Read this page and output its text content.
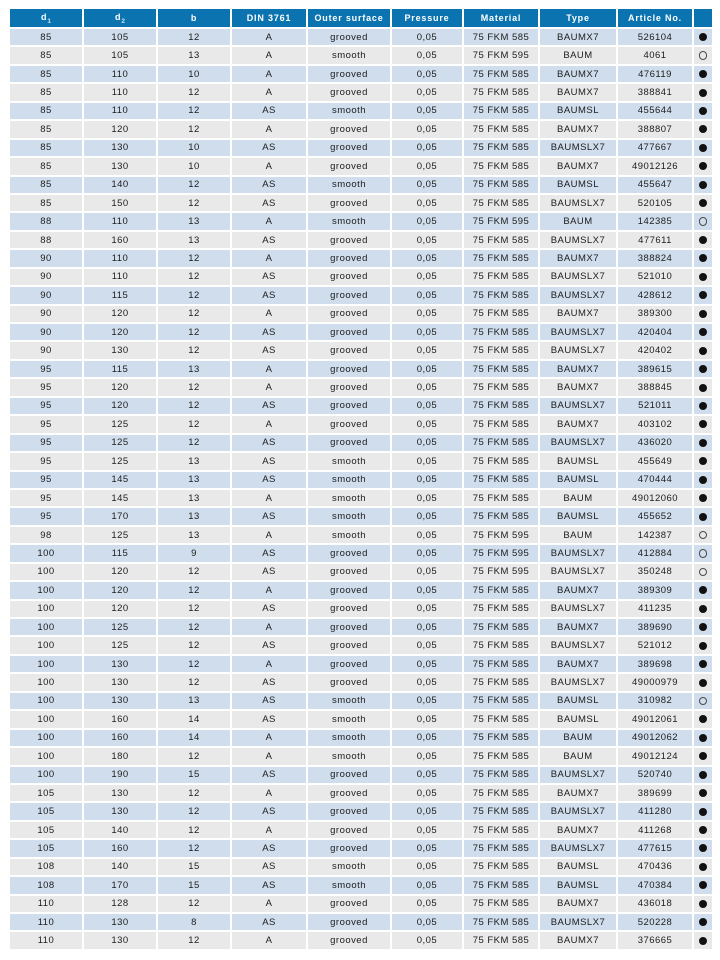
$d_1$	$d_2$	b	DIN 3761	Outer surface	Pressure	Material	Type	Article No.	
85	105	12	A	grooved	0,05	75 FKM 585	BAUMX7	526104	
85	105	13	A	smooth	0,05	75 FKM 595	BAUM	4061	
85	110	10	A	grooved	0,05	75 FKM 585	BAUMX7	476119	
85	110	12	A	grooved	0,05	75 FKM 585	BAUMX7	388841	
85	110	12	AS	smooth	0,05	75 FKM 585	BAUMSL	455644	
85	120	12	A	grooved	0,05	75 FKM 585	BAUMX7	388807	
85	130	10	AS	grooved	0,05	75 FKM 585	BAUMSLX7	477667	
85	130	10	A	grooved	0,05	75 FKM 585	BAUMX7	49012126	
85	140	12	AS	smooth	0,05	75 FKM 585	BAUMSL	455647	
85	150	12	AS	grooved	0,05	75 FKM 585	BAUMSLX7	520105	
88	110	13	A	smooth	0,05	75 FKM 595	BAUM	142385	
88	160	13	AS	grooved	0,05	75 FKM 585	BAUMSLX7	477611	
90	110	12	A	grooved	0,05	75 FKM 585	BAUMX7	388824	
90	110	12	AS	grooved	0,05	75 FKM 585	BAUMSLX7	521010	
90	115	12	AS	grooved	0,05	75 FKM 585	BAUMSLX7	428612	
90	120	12	A	grooved	0,05	75 FKM 585	BAUMX7	389300	
90	120	12	AS	grooved	0,05	75 FKM 585	BAUMSLX7	420404	
90	130	12	AS	grooved	0,05	75 FKM 585	BAUMSLX7	420402	
95	115	13	A	grooved	0,05	75 FKM 585	BAUMX7	389615	
95	120	12	A	grooved	0,05	75 FKM 585	BAUMX7	388845	
95	120	12	AS	grooved	0,05	75 FKM 585	BAUMSLX7	521011	
95	125	12	A	grooved	0,05	75 FKM 585	BAUMX7	403102	
95	125	12	AS	grooved	0,05	75 FKM 585	BAUMSLX7	436020	
95	125	13	AS	smooth	0,05	75 FKM 585	BAUMSL	455649	
95	145	13	AS	smooth	0,05	75 FKM 585	BAUMSL	470444	
95	145	13	A	smooth	0,05	75 FKM 585	BAUM	49012060	
95	170	13	AS	smooth	0,05	75 FKM 585	BAUMSL	455652	
98	125	13	A	smooth	0,05	75 FKM 595	BAUM	142387	
100	115	9	AS	grooved	0,05	75 FKM 595	BAUMSLX7	412884	
100	120	12	AS	grooved	0,05	75 FKM 595	BAUMSLX7	350248	
100	120	12	A	grooved	0,05	75 FKM 585	BAUMX7	389309	
100	120	12	AS	grooved	0,05	75 FKM 585	BAUMSLX7	411235	
100	125	12	A	grooved	0,05	75 FKM 585	BAUMX7	389690	
100	125	12	AS	grooved	0,05	75 FKM 585	BAUMSLX7	521012	
100	130	12	A	grooved	0,05	75 FKM 585	BAUMX7	389698	
100	130	12	AS	grooved	0,05	75 FKM 585	BAUMSLX7	49000979	
100	130	13	AS	smooth	0,05	75 FKM 585	BAUMSL	310982	
100	160	14	AS	smooth	0,05	75 FKM 585	BAUMSL	49012061	
100	160	14	A	smooth	0,05	75 FKM 585	BAUM	49012062	
100	180	12	A	smooth	0,05	75 FKM 585	BAUM	49012124	
100	190	15	AS	grooved	0,05	75 FKM 585	BAUMSLX7	520740	
105	130	12	A	grooved	0,05	75 FKM 585	BAUMX7	389699	
105	130	12	AS	grooved	0,05	75 FKM 585	BAUMSLX7	411280	
105	140	12	A	grooved	0,05	75 FKM 585	BAUMX7	411268	
105	160	12	AS	grooved	0,05	75 FKM 585	BAUMSLX7	477615	
108	140	15	AS	smooth	0,05	75 FKM 585	BAUMSL	470436	
108	170	15	AS	smooth	0,05	75 FKM 585	BAUMSL	470384	
110	128	12	A	grooved	0,05	75 FKM 585	BAUMX7	436018	
110	130	8	AS	grooved	0,05	75 FKM 585	BAUMSLX7	520228	
110	130	12	A	grooved	0,05	75 FKM 585	BAUMX7	376665	
